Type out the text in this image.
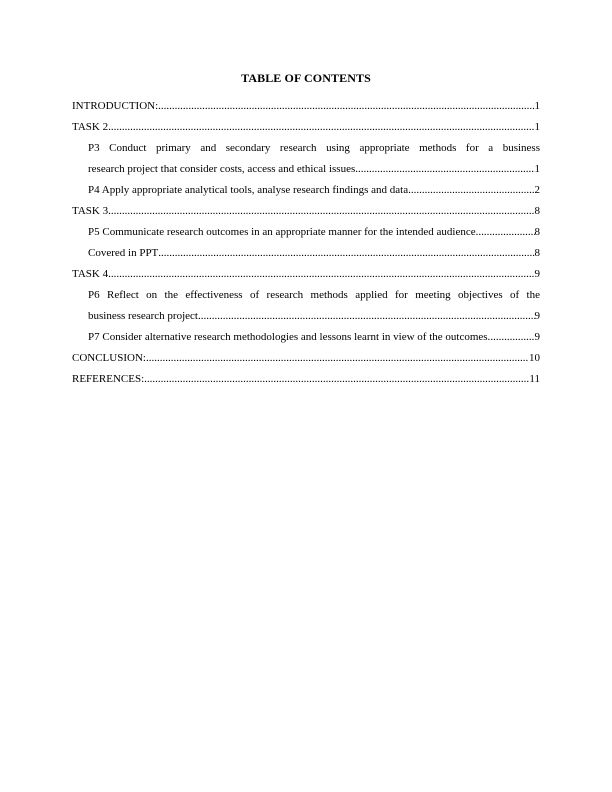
TABLE OF CONTENTS
INTRODUCTION: .....	1
TASK 2 .....	1
P3 Conduct primary and secondary research using appropriate methods for a business
research project that consider costs, access and ethical issues .....	1
P4 Apply appropriate analytical tools, analyse research findings and data .....	2
TASK 3 .....	8
P5 Communicate research outcomes in an appropriate manner for the intended audience. .....	8
Covered in PPT .....	8
TASK 4 .....	9
P6 Reflect on the effectiveness of research methods applied for meeting objectives of the
business research project .....	9
P7 Consider alternative research methodologies and lessons learnt in view of the outcomes. .....	9
CONCLUSION: .....	10
REFERENCES: .....	11
